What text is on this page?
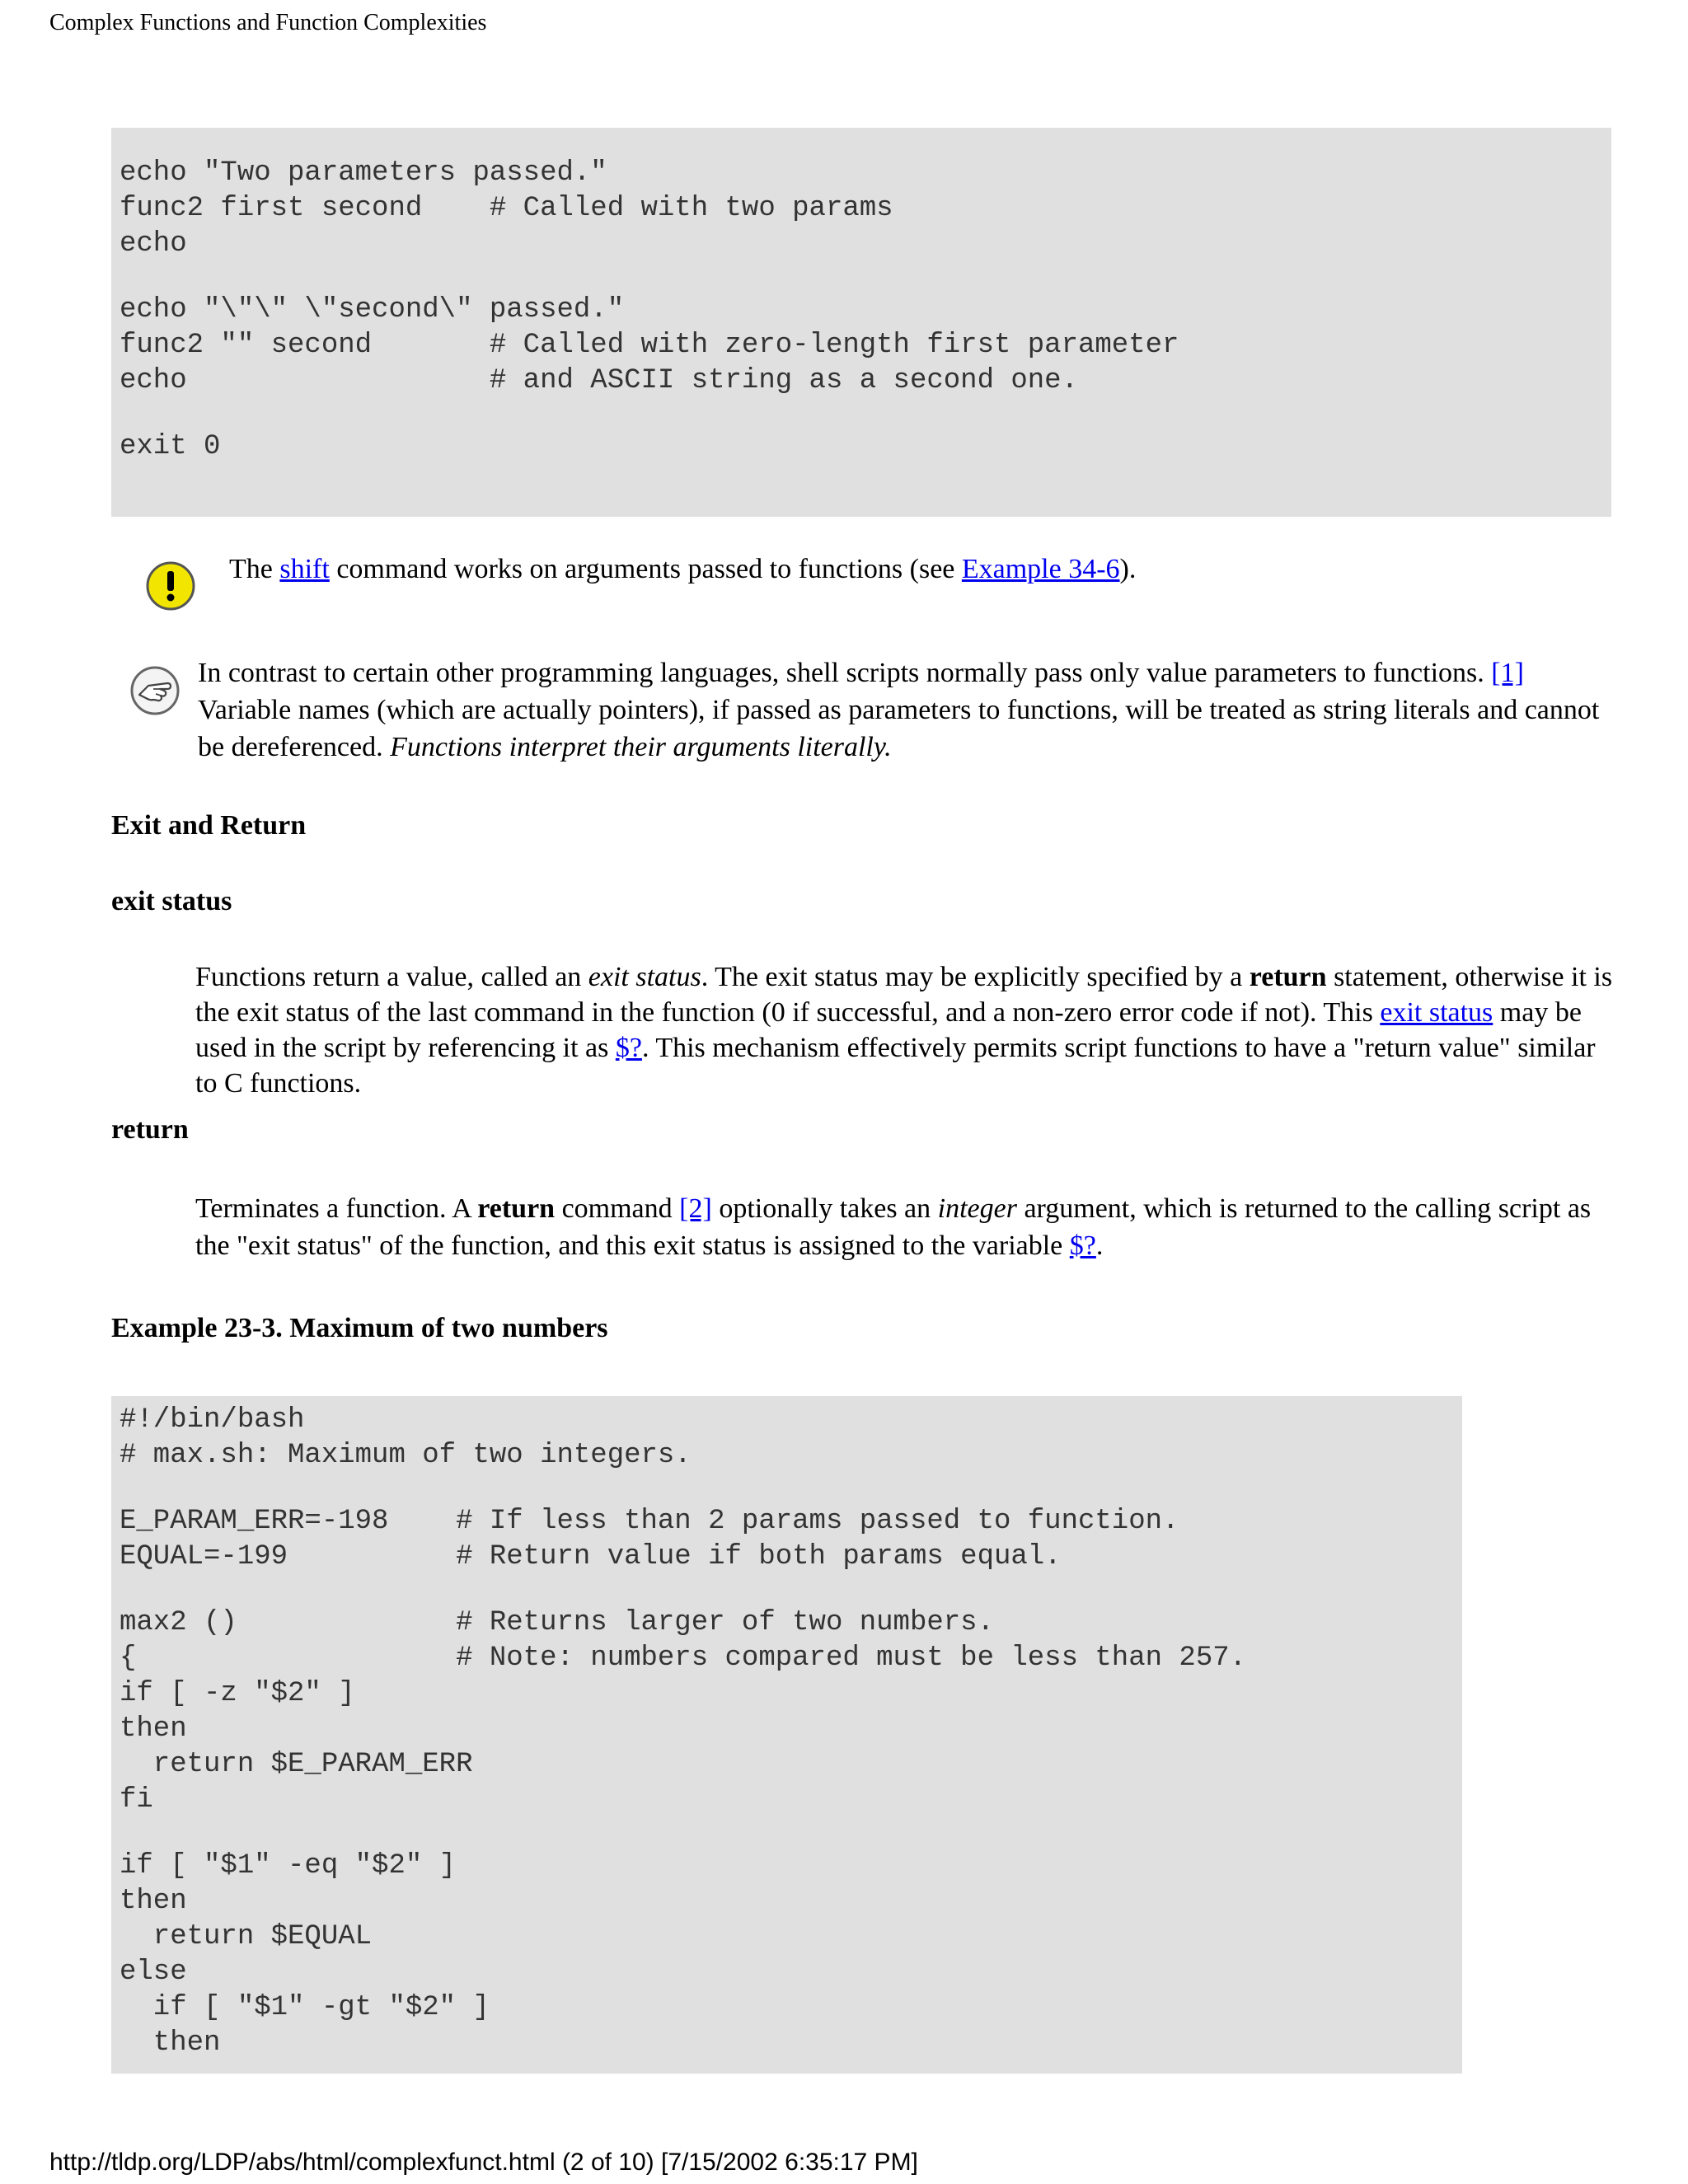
Complex Functions and Function Complexities
echo "Two parameters passed."
func2 first second    # Called with two params
echo
echo "\"\" \"second\" passed."
func2 "" second       # Called with zero-length first parameter
echo                  # and ASCII string as a second one.
exit 0
The shift command works on arguments passed to functions (see Example 34-6).
In contrast to certain other programming languages, shell scripts normally pass only value parameters to functions. [1] Variable names (which are actually pointers), if passed as parameters to functions, will be treated as string literals and cannot be dereferenced. Functions interpret their arguments literally.
Exit and Return
exit status
Functions return a value, called an exit status. The exit status may be explicitly specified by a return statement, otherwise it is the exit status of the last command in the function (0 if successful, and a non-zero error code if not). This exit status may be used in the script by referencing it as $?. This mechanism effectively permits script functions to have a "return value" similar to C functions.
return
Terminates a function. A return command [2] optionally takes an integer argument, which is returned to the calling script as the "exit status" of the function, and this exit status is assigned to the variable $?.
Example 23-3. Maximum of two numbers
#!/bin/bash
# max.sh: Maximum of two integers.
E_PARAM_ERR=-198    # If less than 2 params passed to function.
EQUAL=-199          # Return value if both params equal.
max2 ()             # Returns larger of two numbers.
{                   # Note: numbers compared must be less than 257.
if [ -z "$2" ]
then
return $E_PARAM_ERR
fi
if [ "$1" -eq "$2" ]
then
return $EQUAL
else
if [ "$1" -gt "$2" ]
then
http://tldp.org/LDP/abs/html/complexfunct.html (2 of 10) [7/15/2002 6:35:17 PM]
